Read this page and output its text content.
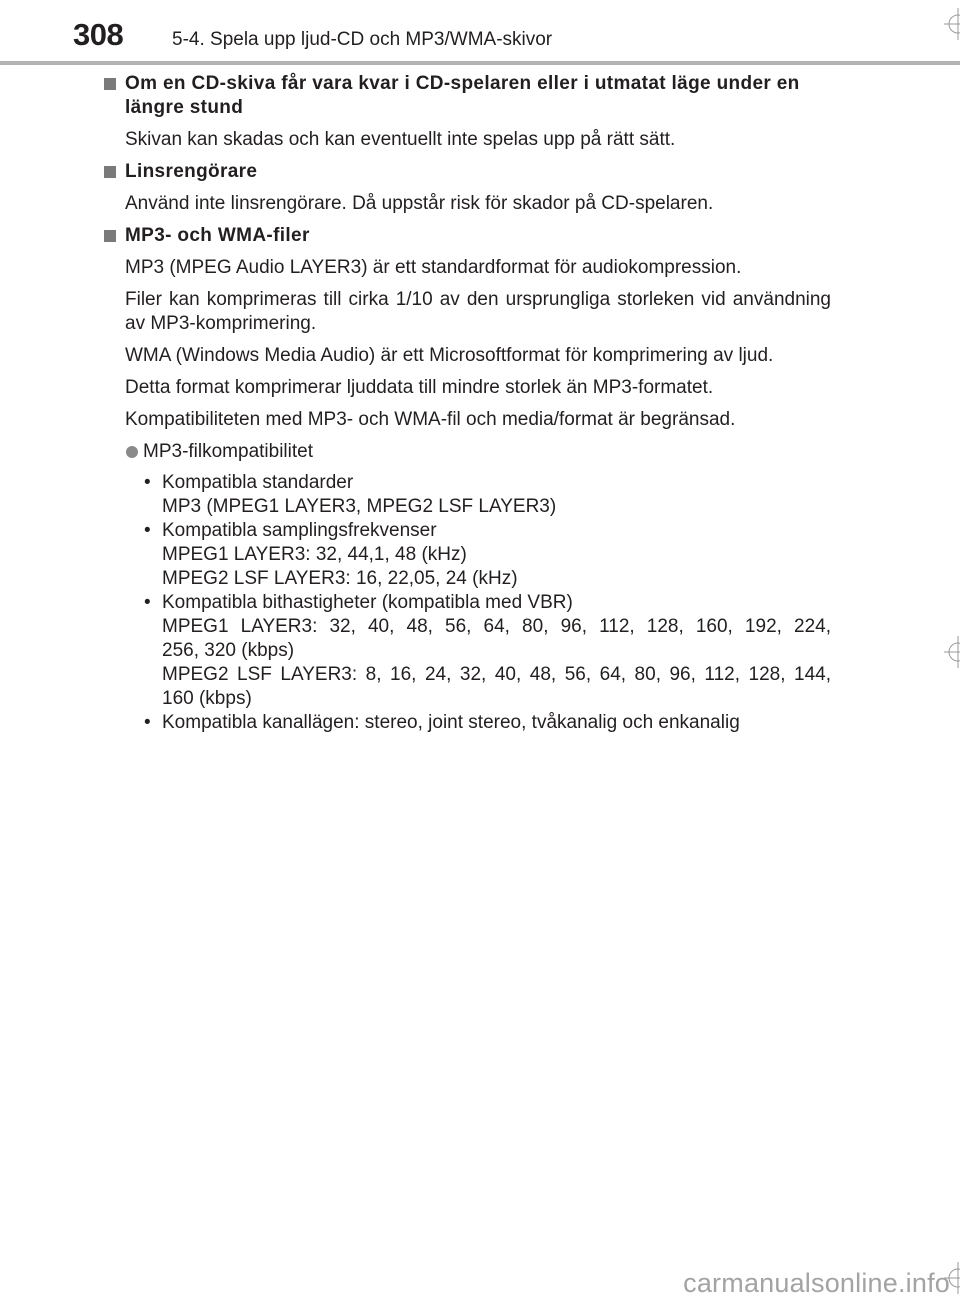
308	5-4. Spela upp ljud-CD och MP3/WMA-skivor
Om en CD-skiva får vara kvar i CD-spelaren eller i utmatat läge under en längre stund
Skivan kan skadas och kan eventuellt inte spelas upp på rätt sätt.
Linsrengörare
Använd inte linsrengörare. Då uppstår risk för skador på CD-spelaren.
MP3- och WMA-filer
MP3 (MPEG Audio LAYER3) är ett standardformat för audiokompression.
Filer kan komprimeras till cirka 1/10 av den ursprungliga storleken vid användning av MP3-komprimering.
WMA (Windows Media Audio) är ett Microsoftformat för komprimering av ljud.
Detta format komprimerar ljuddata till mindre storlek än MP3-formatet.
Kompatibiliteten med MP3- och WMA-fil och media/format är begränsad.
MP3-filkompatibilitet
• Kompatibla standarder
MP3 (MPEG1 LAYER3, MPEG2 LSF LAYER3)
• Kompatibla samplingsfrekvenser
MPEG1 LAYER3: 32, 44,1, 48 (kHz)
MPEG2 LSF LAYER3: 16, 22,05, 24 (kHz)
• Kompatibla bithastigheter (kompatibla med VBR)
MPEG1 LAYER3: 32, 40, 48, 56, 64, 80, 96, 112, 128, 160, 192, 224,
256, 320 (kbps)
MPEG2 LSF LAYER3: 8, 16, 24, 32, 40, 48, 56, 64, 80, 96, 112, 128, 144,
160 (kbps)
• Kompatibla kanallägen: stereo, joint stereo, tvåkanalig och enkanalig
carmanualsonline.info
